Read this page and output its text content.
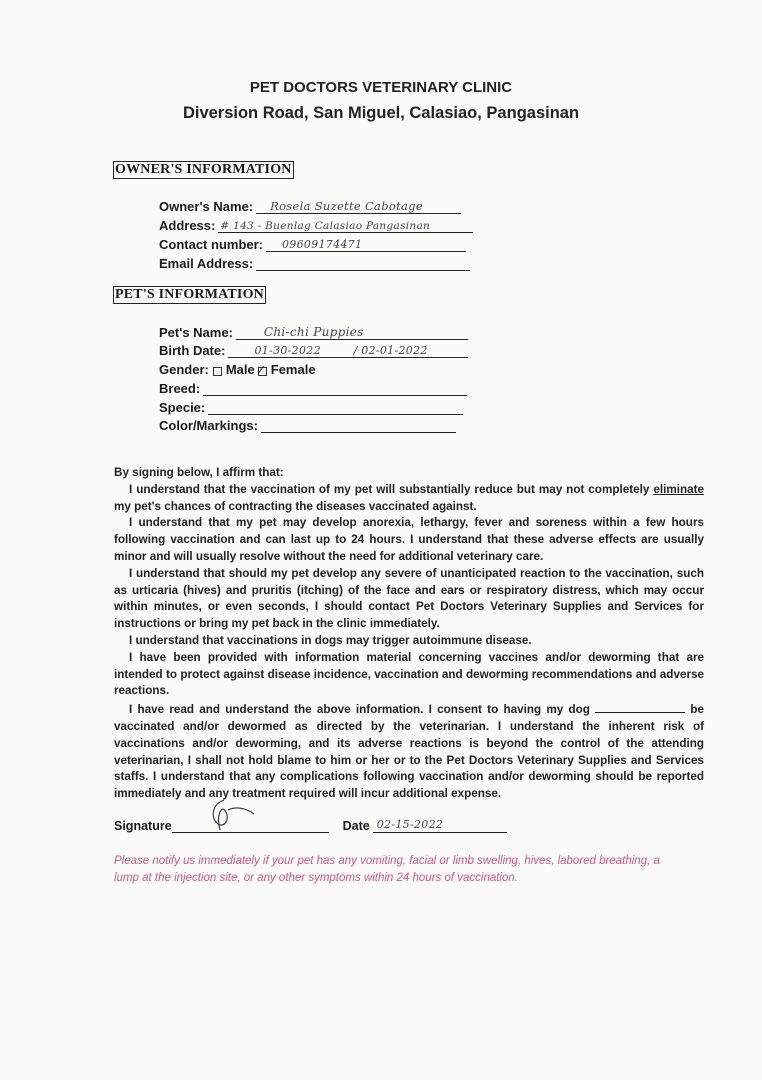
PET DOCTORS VETERINARY CLINIC
Diversion Road, San Miguel, Calasiao, Pangasinan
OWNER'S INFORMATION
Owner's Name: Rosela Suzette Cabotage
Address: # 143 - Buenlag Calasiao Pangasinan
Contact number: 09609174471
Email Address:
PET'S INFORMATION
Pet's Name:	Chi-chi Puppies
Birth Date:	01-30-2022	/ 02-01-2022
Gender: Male ✓ Female
Breed:
Specie:
Color/Markings:

By signing below, I affirm that:

I understand that the vaccination of my pet will substantially reduce but may not completely eliminate my pet's chances of contracting the diseases vaccinated against.

I understand that my pet may develop anorexia, lethargy, fever and soreness within a few hours following vaccination and can last up to 24 hours. I understand that these adverse effects are usually minor and will usually resolve without the need for additional veterinary care.

I understand that should my pet develop any severe of unanticipated reaction to the vaccination, such as urticaria (hives) and pruritis (itching) of the face and ears or respiratory distress, which may occur within minutes, or even seconds, I should contact Pet Doctors Veterinary Supplies and Services for instructions or bring my pet back in the clinic immediately.

I understand that vaccinations in dogs may trigger autoimmune disease.

I have been provided with information material concerning vaccines and/or deworming that are intended to protect against disease incidence, vaccination and deworming recommendations and adverse reactions.

I have read and understand the above information. I consent to having my dog	be vaccinated and/or dewormed as directed by the veterinarian. I understand the inherent risk of vaccinations and/or deworming, and its adverse reactions is beyond the control of the attending veterinarian, I shall not hold blame to him or her or to the Pet Doctors Veterinary Supplies and Services staffs. I understand that any complications following vaccination and/or deworming should be reported immediately and any treatment required will incur additional expense.

Signature	Date 02-15-2022
Please notify us immediately if your pet has any vomiting, facial or limb swelling, hives, labored breathing, a lump at the injection site, or any other symptoms within 24 hours of vaccination.
